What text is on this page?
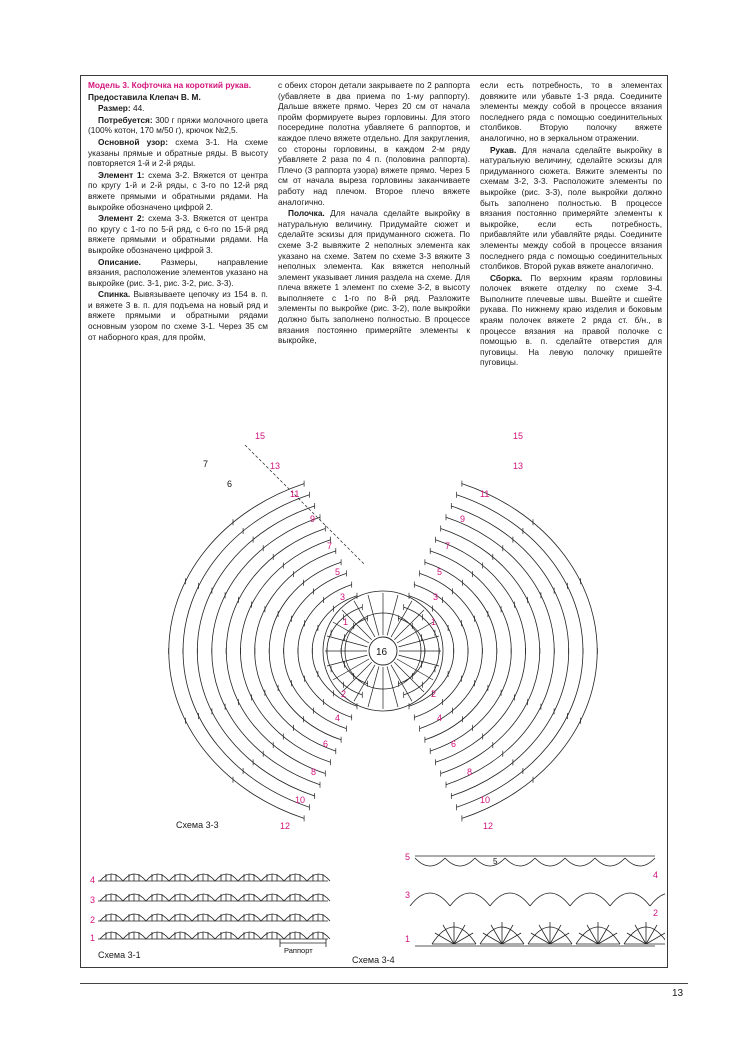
Модель 3. Кофточка на короткий рукав.

Предоставила Клепач В. М.

Размер: 44.

Потребуется: 300 г пряжи молочного цвета (100% котон, 170 м/50 г), крючок №2,5.

Основной узор: схема 3-1. На схеме указаны прямые и обратные ряды. В высоту повторяется 1-й и 2-й ряды.

Элемент 1: схема 3-2. Вяжется от центра по кругу 1-й и 2-й ряды, с 3-го по 12-й ряд вяжете прямыми и обратными рядами. На выкройке обозначено цифрой 2.

Элемент 2: схема 3-3. Вяжется от центра по кругу с 1-го по 5-й ряд, с 6-го по 15-й ряд вяжете прямыми и обратными рядами. На выкройке обозначено цифрой 3.

Описание. Размеры, направление вязания, расположение элементов указано на выкройке (рис. 3-1, рис. 3-2, рис. 3-3).

Спинка. Вывязываете цепочку из 154 в. п. и вяжете 3 в. п. для подъема на новый ряд и вяжете прямыми и обратными рядами основным узором по схеме 3-1. Через 35 см от наборного края, для пройм,

с обеих сторон детали закрываете по 2 раппорта (убавляете в два приема по 1-му раппорту). Дальше вяжете прямо. Через 20 см от начала пройм формируете вырез горловины. Для этого посередине полотна убавляете 6 раппортов, и каждое плечо вяжете отдельно. Для закругления, со стороны горловины, в каждом 2-м ряду убавляете 2 раза по 4 п. (половина раппорта). Плечо (3 раппорта узора) вяжете прямо. Через 5 см от начала выреза горловины заканчиваете работу над плечом. Второе плечо вяжете аналогично.

Полочка. Для начала сделайте выкройку в натуральную величину. Придумайте сюжет и сделайте эскизы для придуманного сюжета. По схеме 3-2 вывяжите 2 неполных элемента как указано на схеме. Затем по схеме 3-3 вяжите 3 неполных элемента. Как вяжется неполный элемент указывает линия раздела на схеме. Для плеча вяжете 1 элемент по схеме 3-2, в высоту выполняете с 1-го по 8-й ряд. Разложите элементы по выкройке (рис. 3-2), поле выкройки должно быть заполнено полностью. В процессе вязания постоянно примеряйте элементы к выкройке,

если есть потребность, то в элементах довяжите или убавьте 1-3 ряда. Соедините элементы между собой в процессе вязания последнего ряда с помощью соединительных столбиков. Вторую полочку вяжете аналогично, но в зеркальном отражении.

Рукав. Для начала сделайте выкройку в натуральную величину, сделайте эскизы для придуманного сюжета. Вяжите элементы по схемам 3-2, 3-3. Расположите элементы по выкройке (рис. 3-3), поле выкройки должно быть заполнено полностью. В процессе вязания постоянно примеряйте элементы к выкройке, если есть потребность, прибавляйте или убавляйте ряды. Соедините элементы между собой в процессе вязания последнего ряда с помощью соединительных столбиков. Второй рукав вяжете аналогично.

Сборка. По верхним краям горловины полочек вяжете отделку по схеме 3-4. Выполните плечевые швы. Вшейте и сшейте рукава. По нижнему краю изделия и боковым краям полочек вяжете 2 ряда ст. б/н., в процессе вязания на правой полочке с помощью в. п. сделайте отверстия для пуговицы. На левую полочку пришейте пуговицы.

16
7
6
15	15
13	13
11	11
9	9
7	7
5	5
3	3
1	1
2	2
4	4
6	6
8	8
10	10
12	12
Схема 3-3
4
3
2
1
Раппорт
Схема 3-1
5
4
3
2
1
5
Схема 3-4
13
